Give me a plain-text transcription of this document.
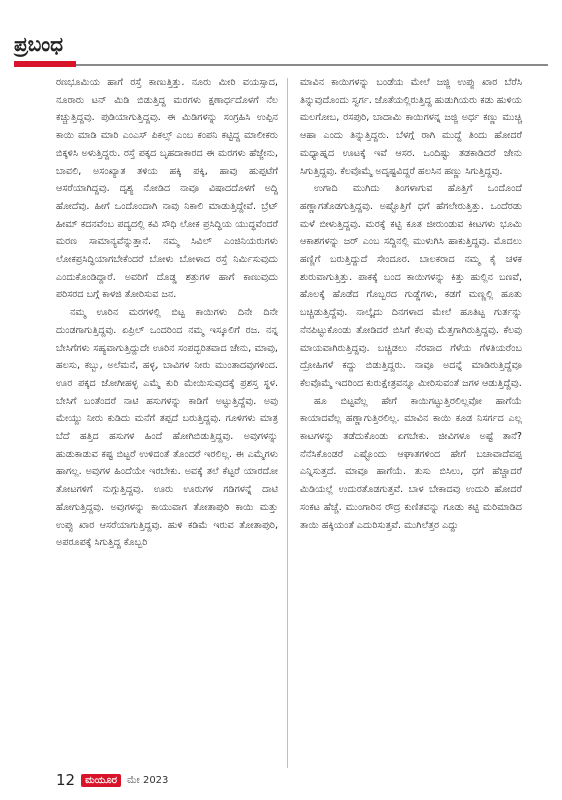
ಪ್ರಬಂಧ

ರಣಭೂಮಿಯ ಹಾಗೆ ರಸ್ತೆ ಕಾಣುತ್ತಿತ್ತು. ನೂರು ಮೀರಿ ವಯಸ್ಸಾದ, ನೂರಾರು ಟನ್ ಮಿಡಿ ಬಿಡುತ್ತಿದ್ದ ಮರಗಳು ಕ್ಷಣಾರ್ಧದೊಳಗೆ ನೆಲ ಕಚ್ಚುತ್ತಿದ್ದವು. ಪುಡಿಯಾಗುತ್ತಿದ್ದವು. ಈ ಮಿಡಿಗಳನ್ನು ಸಂಗ್ರಹಿಸಿ ಉಪ್ಪಿನ ಕಾಯಿ ಮಾಡಿ ಮಾರಿ ಎಂಎಸ್ ಪಿಕಲ್ಸ್ ಎಂಬ ಕಂಪನಿ ಕಟ್ಟಿದ್ದ ಮಾಲೀಕರು ಬಿಕ್ಕಳಿಸಿ ಅಳುತ್ತಿದ್ದರು. ರಸ್ತೆ ಪಕ್ಕದ ಬೃಹದಾಕಾರದ ಈ ಮರಗಳು ಹೆಜ್ಜೇನು, ಬಾವಲಿ, ಅಸಂಖ್ಯಾತ ತಳಿಯ ಹಕ್ಕಿ ಪಕ್ಕಿ, ಹಾವು ಹುಪ್ಪಟೆಗೆ ಆಸರೆಯಾಗಿದ್ದವು. ದೃಶ್ಯ ನೋಡಿದ ನಾವೂ ವಿಷಾದದೊಳಗೆ ಅದ್ದಿ ಹೋದೆವು. ಹೀಗೆ ಒಂದೊಂದಾಗಿ ನಾವು ನಿಕಾಲಿ ಮಾಡುತ್ತಿದ್ದೇವೆ. ಬ್ರೆಟ್ ಹೀಮ್ ಕದನವೆಂಬ ಪದ್ಯದಲ್ಲಿ ಕವಿ ಸೌಧಿ ಲೋಕ ಪ್ರಸಿದ್ಧಿಯ ಯುದ್ಧವೆಂದರೆ ಮರಣ ಸಾಮಾನ್ಯವೆನ್ನುತ್ತಾನೆ. ನಮ್ಮ ಸಿವಿಲ್ ಎಂಜಿನಿಯರುಗಳು ಲೋಕಪ್ರಸಿದ್ಧಿಯಾಗಬೇಕೆಂದರೆ ಬೋಳು ಬೋಳಾದ ರಸ್ತೆ ನಿರ್ಮಿಸುವುದು ಎಂದುಕೊಂಡಿದ್ದಾರೆ. ಅವರಿಗೆ ದೊಡ್ಡ ಶತ್ರುಗಳ ಹಾಗೆ ಕಾಣುವುದು ಪರಿಸರದ ಬಗ್ಗೆ ಕಾಳಜಿ ತೋರಿಸುವ ಜನ.

ನಮ್ಮ ಊರಿನ ಮರಗಳಲ್ಲಿ ಬಿಟ್ಟ ಕಾಯಿಗಳು ದಿನೇ ದಿನೇ ದುಂಡಗಾಗುತ್ತಿದ್ದವು. ಏಪ್ರಿಲ್ ಒಂದರಿಂದ ನಮ್ಮ ಇಸ್ಕೂಲಿಗೆ ರಜ. ನನ್ನ ಬೇಸಿಗೆಗಳು ಸಹ್ಯವಾಗುತ್ತಿದ್ದುದೇ ಊರಿನ ಸಂಪದ್ಭರಿತವಾದ ಜೇನು, ಮಾವು, ಹಲಸು, ಕಬ್ಬು, ಅಲೆಮನೆ, ಹಳ್ಳ, ಬಾವಿಗಳ ನೀರು ಮುಂತಾದವುಗಳಿಂದ. ಊರ ಪಕ್ಕದ ಜೋಗೀಹಳ್ಳ ಎಮ್ಮೆ ಕುರಿ ಮೇಯಿಸುವುದಕ್ಕೆ ಪ್ರಶಸ್ತ ಸ್ಥಳ. ಬೇಸಿಗೆ ಬಂತೆಂದರೆ ನಾಟಿ ಹಸುಗಳನ್ನು ಕಾಡಿಗೆ ಅಟ್ಟುತ್ತಿದ್ದೆವು. ಅವು ಮೇಯ್ದು ನೀರು ಕುಡಿದು ಮನೆಗೆ ತಪ್ಪದೆ ಬರುತ್ತಿದ್ದವು. ಗೂಳಿಗಳು ಮಾತ್ರ ಬೆದೆ ಹತ್ತಿದ ಹಸುಗಳ ಹಿಂದೆ ಹೋಗಿಬಿಡುತ್ತಿದ್ದವು. ಅವುಗಳನ್ನು ಹುಡುಕಾಡುವ ಕಷ್ಟ ಬಿಟ್ಟರೆ ಉಳಿದಂತೆ ತೊಂದರೆ ಇರಲಿಲ್ಲ. ಈ ಎಮ್ಮೆಗಳು ಹಾಗಲ್ಲ. ಅವುಗಳ ಹಿಂದೆಯೇ ಇರಬೇಕು. ಅವಕ್ಕೆ ತಲೆ ಕೆಟ್ಟರೆ ಯಾರದೋ ತೋಟಗಳಿಗೆ ನುಗ್ಗುತ್ತಿದ್ದವು. ಊರು ಊರುಗಳ ಗಡಿಗಳನ್ನೆ ದಾಟಿ ಹೋಗುತ್ತಿದ್ದವು. ಅವುಗಳನ್ನು ಕಾಯುವಾಗ ತೋತಾಪುರಿ ಕಾಯಿ ಮತ್ತು ಉಪ್ಪು ಖಾರ ಆಸರೆಯಾಗುತ್ತಿದ್ದವು. ಹುಳಿ ಕಡಿಮೆ ಇರುವ ತೋತಾಪುರಿ, ಅಪರೂಪಕ್ಕೆ ಸಿಗುತ್ತಿದ್ದ ಕೊಬ್ಬರಿ

ಮಾವಿನ ಕಾಯಿಗಳನ್ನು ಬಂಡೆಯ ಮೇಲೆ ಜಜ್ಜಿ ಉಪ್ಪು ಖಾರ ಬೆರೆಸಿ ತಿನ್ನುವುದೊಂದು ಸ್ವರ್ಗ. ಜೊತೆಯಲ್ಲಿರುತ್ತಿದ್ದ ಹುಡುಗಿಯರು ಕಡು ಹುಳಿಯ ಮಲಗೋಬ, ರಸಪುರಿ, ಬಾದಾಮಿ ಕಾಯಿಗಳನ್ನ ಜಜ್ಜಿ ಅರ್ಧ ಕಣ್ಣು ಮುಚ್ಚಿ ಆಹಾ ಎಂದು ತಿನ್ನುತ್ತಿದ್ದರು. ಬೆಳಗ್ಗೆ ರಾಗಿ ಮುದ್ದೆ ತಿಂದು ಹೋದರೆ ಮಧ್ಯಾಹ್ನದ ಊಟಕ್ಕೆ ಇವೆ ಆಸರ. ಒಂದಿಷ್ಟು ತಡಕಾಡಿದರೆ ಜೇನು ಸಿಗುತ್ತಿದ್ದವು. ಕೆಲವೊಮ್ಮೆ ಅದೃಷ್ಟವಿದ್ದರೆ ಹಲಸಿನ ಹಣ್ಣು ಸಿಗುತ್ತಿದ್ದವು.

ಉಗಾದಿ ಮುಗಿದು ತಿಂಗಳಾಗುವ ಹೊತ್ತಿಗೆ ಒಂದೊಂದೆ ಹಣ್ಣಾಗತೊಡಗುತ್ತಿದ್ದವು. ಅಷ್ಟೊತ್ತಿಗೆ ಧಗೆ ಹೆಗಲೇರುತ್ತಿತ್ತು. ಒಂದೆರಡು ಮಳೆ ಬೀಳುತ್ತಿದ್ದವು. ಮರಕ್ಕೆ ಕಟ್ಟಿ ಕೂತ ಜೀರುಂಡುವ ಕೀಟಗಳು ಭೂಮಿ ಆಕಾಶಗಳನ್ನು ಜರ್ ಎಂಬ ಸದ್ದಿನಲ್ಲಿ ಮುಳುಗಿಸಿ ಹಾಕುತ್ತಿದ್ದವು. ಮೊದಲು ಹಣ್ಣಿಗೆ ಬರುತ್ತಿದ್ದುದೆ ಸೇಂದೂರ. ಬಾಲಕರಾದ ನಮ್ಮ ಕೈ ಚಳಕ ಶುರುವಾಗುತ್ತಿತ್ತು. ಪಾಕಕ್ಕೆ ಬಂದ ಕಾಯಿಗಳನ್ನು ಕಿತ್ತು ಹುಲ್ಲಿನ ಬಣವೆ, ಹೊಲಕ್ಕೆ ಹೊಡೆದ ಗೊಬ್ಬರದ ಗುಡ್ಡೆಗಳು, ಕಡಗೆ ಮಣ್ಣಲ್ಲಿ ಹೂತು ಬಚ್ಚಿಡುತ್ತಿದ್ದೆವು. ನಾಲ್ಕೈದು ದಿನಗಳಾದ ಮೇಲೆ ಹೂತಿಟ್ಟ ಗುರ್ತನ್ನು ನೆನಪಿಟ್ಟುಕೊಂಡು ತೋಡಿದರೆ ಬಿಸಿಗೆ ಕೆಲವು ಮೆತ್ತಗಾಗಿರುತ್ತಿದ್ದವು. ಕೆಲವು ಮಾಯವಾಗಿರುತ್ತಿದ್ದವು. ಬಚ್ಚಿಡಲು ನೆರವಾದ ಗೆಳೆಯ ಗೆಳತಿಯರೆಂಬ ದ್ರೋಹಿಗಳೆ ಕದ್ದು ಬಿಡುತ್ತಿದ್ದರು. ನಾವೂ ಅದನ್ನೆ ಮಾಡಿರುತ್ತಿದ್ದೆವೂ ಕೆಲವೊಮ್ಮೆ ಇದರಿಂದ ಕುರುಕ್ಷೇತ್ರವನ್ನೂ ಮೀರಿಸುವಂತೆ ಜಗಳ ಆಡುತ್ತಿದ್ದೆವು.

ಹೂ ಬಿಟ್ಟವೆಲ್ಲ ಹೇಗೆ ಕಾಯಿಗಟ್ಟುತ್ತಿರಲಿಲ್ಲವೋ ಹಾಗೆಯೆ ಕಾಯಾದವೆಲ್ಲ ಹಣ್ಣಾಗುತ್ತಿರಲಿಲ್ಲ. ಮಾವಿನ ಕಾಯಿ ಕೂಡ ನಿಸರ್ಗದ ಎಲ್ಲ ಕಾಟಗಳನ್ನು ತಡೆದುಕೊಂಡು ಏಗಬೇಕು. ಜೀವಿಗಳೂ ಅಷ್ಟೆ ತಾನೆ? ನೆನೆಸಿಕೊಂಡರೆ ಎಷ್ಟೊಂದು ಆಘಾತಗಳಿಂದ ಹೇಗೆ ಬಚಾವಾದೆವಪ್ಪ ಎನ್ನಿಸುತ್ತದೆ. ಮಾವೂ ಹಾಗೆಯೆ. ತುಸು ಬಿಸಿಲು, ಧಗೆ ಹೆಚ್ಚಾದರೆ ಮಿಡಿಯಲ್ಲೆ ಉದುರತೊಡಗುತ್ತವೆ. ಬಾಳ ಬೇಕಾದವು ಉದುರಿ ಹೋದರೆ ಸಂಕಟ ಹೆಚ್ಚೆ. ಮುಂಗಾರಿನ ರೌದ್ರ ಕುಣಿತವನ್ನು ಗೂಡು ಕಟ್ಟಿ ಮರಿಮಾಡಿದ ತಾಯಿ ಹಕ್ಕಿಯಂತೆ ಎದುರಿಸುತ್ತವೆ. ಮುಗಿಲೆತ್ತರ ಎದ್ದು

12	ಮಯೂರ	ಮೇ 2023
